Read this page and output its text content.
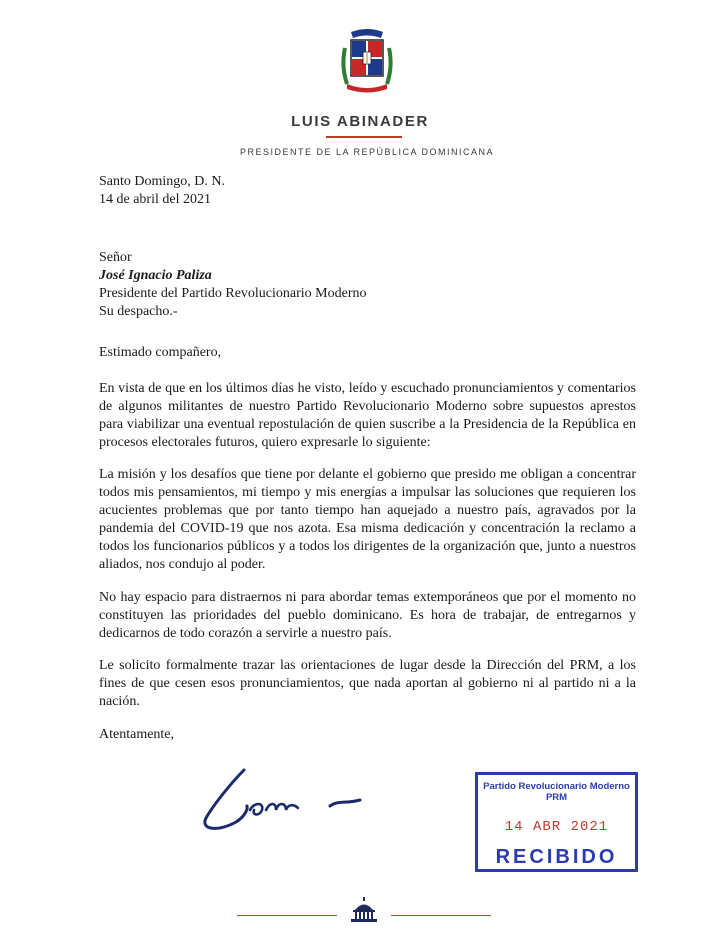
LUIS ABINADER
PRESIDENTE DE LA REPÚBLICA DOMINICANA
Santo Domingo, D. N.
14 de abril del 2021
Señor
José Ignacio Paliza
Presidente del Partido Revolucionario Moderno
Su despacho.-
Estimado compañero,
En vista de que en los últimos días he visto, leído y escuchado pronunciamientos y comentarios de algunos militantes de nuestro Partido Revolucionario Moderno sobre supuestos aprestos para viabilizar una eventual repostulación de quien suscribe a la Presidencia de la República en procesos electorales futuros, quiero expresarle lo siguiente:
La misión y los desafíos que tiene por delante el gobierno que presido me obligan a concentrar todos mis pensamientos, mi tiempo y mis energías a impulsar las soluciones que requieren los acucientes problemas que por tanto tiempo han aquejado a nuestro país, agravados por la pandemia del COVID-19 que nos azota. Esa misma dedicación y concentración la reclamo a todos los funcionarios públicos y a todos los dirigentes de la organización que, junto a nuestros aliados, nos condujo al poder.
No hay espacio para distraernos ni para abordar temas extemporáneos que por el momento no constituyen las prioridades del pueblo dominicano. Es hora de trabajar, de entregarnos y dedicarnos de todo corazón a servirle a nuestro país.
Le solicito formalmente trazar las orientaciones de lugar desde la Dirección del PRM, a los fines de que cesen esos pronunciamientos, que nada aportan al gobierno ni al partido ni a la nación.
Atentamente,
Partido Revolucionario Moderno
PRM
14 ABR 2021
RECIBIDO
